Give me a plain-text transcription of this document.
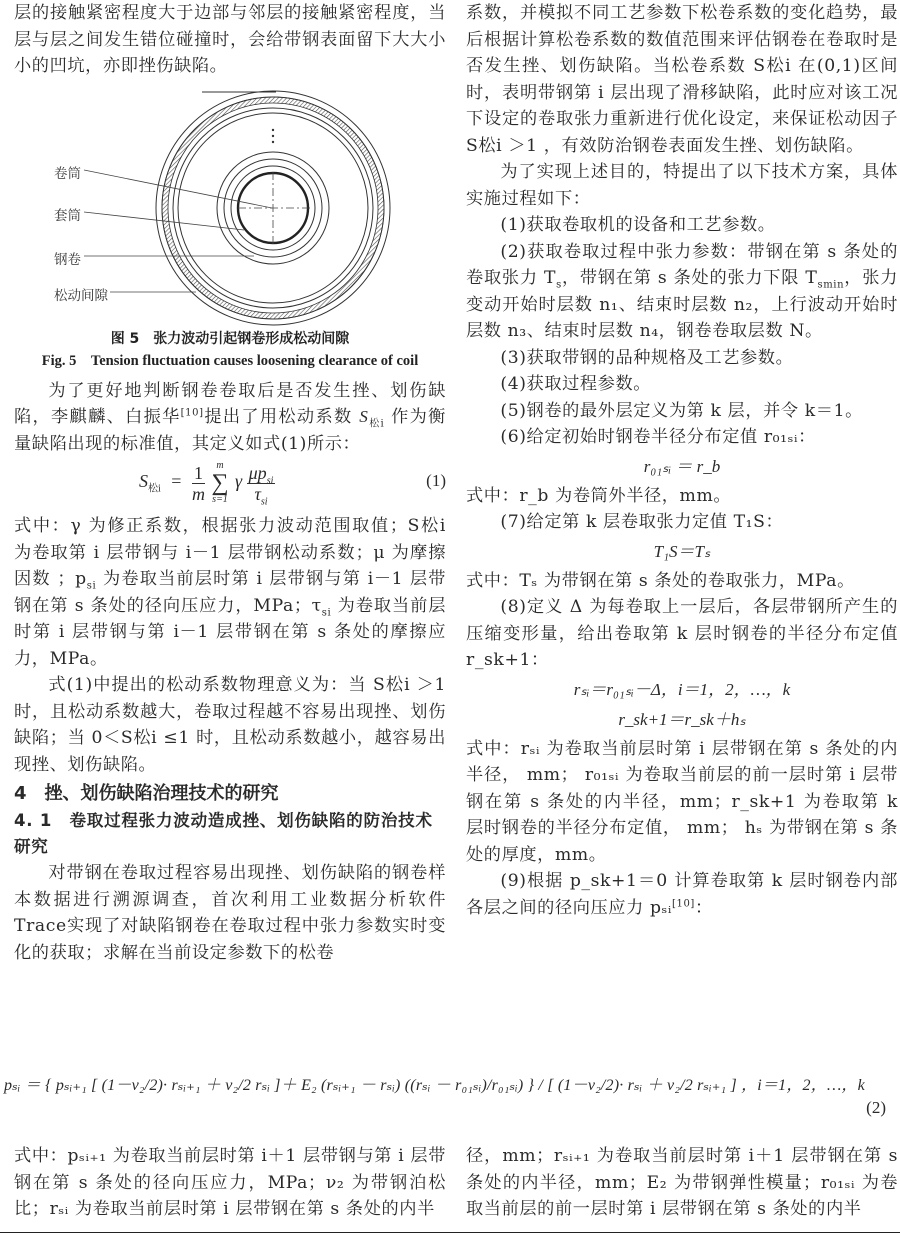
层的接触紧密程度大于边部与邻层的接触紧密程度，当层与层之间发生错位碰撞时，会给带钢表面留下大大小小的凹坑，亦即挫伤缺陷。

卷筒
套筒
钢卷
松动间隙

图 5　张力波动引起钢卷形成松动间隙

Fig. 5　Tension fluctuation causes loosening clearance of coil

为了更好地判断钢卷卷取后是否发生挫、划伤缺陷，李麒麟、白振华[10]提出了用松动系数 $S_{松i}$ 作为衡量缺陷出现的标准值，其定义如式(1)所示：

$S_{松i} = \frac{1}{m}$
	m
∑
s=1
γ $\frac{\mu p_{si}}{\tau_{si}}$	(1)

式中：γ 为修正系数，根据张力波动范围取值；S松i 为卷取第 i 层带钢与 i－1 层带钢松动系数；μ 为摩擦因数 ；$p_{si}$ 为卷取当前层时第 i 层带钢与第 i－1 层带钢在第 s 条处的径向压应力，MPa；$\tau_{si}$ 为卷取当前层时第 i 层带钢与第 i－1 层带钢在第 s 条处的摩擦应力，MPa。

式(1)中提出的松动系数物理意义为：当 S松i ＞1 时，且松动系数越大，卷取过程越不容易出现挫、划伤缺陷；当 0＜S松i ≤1 时，且松动系数越小，越容易出现挫、划伤缺陷。

4　挫、划伤缺陷治理技术的研究

4. 1　卷取过程张力波动造成挫、划伤缺陷的防治技术研究

对带钢在卷取过程容易出现挫、划伤缺陷的钢卷样本数据进行溯源调查，首次利用工业数据分析软件Trace实现了对缺陷钢卷在卷取过程中张力参数实时变化的获取；求解在当前设定参数下的松卷

系数，并模拟不同工艺参数下松卷系数的变化趋势，最后根据计算松卷系数的数值范围来评估钢卷在卷取时是否发生挫、划伤缺陷。当松卷系数 S松i 在(0,1)区间时，表明带钢第 i 层出现了滑移缺陷，此时应对该工况下设定的卷取张力重新进行优化设定，来保证松动因子 S松i ＞1 ，有效防治钢卷表面发生挫、划伤缺陷。

为了实现上述目的，特提出了以下技术方案，具体实施过程如下：

(1)获取卷取机的设备和工艺参数。

(2)获取卷取过程中张力参数：带钢在第 s 条处的卷取张力 $T_s$，带钢在第 s 条处的张力下限 $T_{smin}$，张力变动开始时层数 n₁、结束时层数 n₂，上行波动开始时层数 n₃、结束时层数 n₄，钢卷卷取层数 N。

(3)获取带钢的品种规格及工艺参数。

(4)获取过程参数。

(5)钢卷的最外层定义为第 k 层，并令 k＝1。

(6)给定初始时钢卷半径分布定值 r₀₁ₛᵢ：

r₀₁ₛᵢ ＝ r_b

式中：r_b 为卷筒外半径，mm。

(7)给定第 k 层卷取张力定值 T₁S：

T₁S＝Tₛ

式中：Tₛ 为带钢在第 s 条处的卷取张力，MPa。

(8)定义 Δ 为每卷取上一层后，各层带钢所产生的压缩变形量，给出卷取第 k 层时钢卷的半径分布定值 r_sk+1：

rₛᵢ＝r₀₁ₛᵢ－Δ，i＝1，2，…，k

r_sk+1＝r_sk＋hₛ

式中：rₛᵢ 为卷取当前层时第 i 层带钢在第 s 条处的内半径， mm； r₀₁ₛᵢ 为卷取当前层的前一层时第 i 层带钢在第 s 条处的内半径，mm；r_sk+1 为卷取第 k 层时钢卷的半径分布定值， mm； hₛ 为带钢在第 s 条处的厚度，mm。

(9)根据 p_sk+1＝0 计算卷取第 k 层时钢卷内部各层之间的径向压应力 pₛᵢ[10]：

pₛᵢ ＝ { pₛᵢ₊₁ [ (1－ν₂/2)· rₛᵢ₊₁ ＋ ν₂/2 rₛᵢ ]＋ E₂ (rₛᵢ₊₁ － rₛᵢ) ((rₛᵢ － r₀₁ₛᵢ)/r₀₁ₛᵢ) } / [ (1－ν₂/2)· rₛᵢ ＋ ν₂/2 rₛᵢ₊₁ ] ，i＝1，2，…，k
(2)

式中：pₛᵢ₊₁ 为卷取当前层时第 i＋1 层带钢与第 i 层带钢在第 s 条处的径向压应力，MPa；ν₂ 为带钢泊松比；rₛᵢ 为卷取当前层时第 i 层带钢在第 s 条处的内半

径，mm；rₛᵢ₊₁ 为卷取当前层时第 i＋1 层带钢在第 s 条处的内半径，mm；E₂ 为带钢弹性模量；r₀₁ₛᵢ 为卷取当前层的前一层时第 i 层带钢在第 s 条处的内半
